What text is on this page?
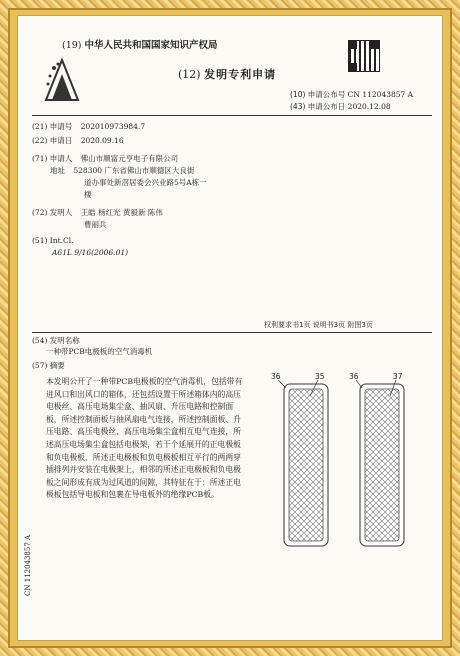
(19) 中华人民共和国国家知识产权局
(12) 发明专利申请
(10) 申请公布号 CN 112043857 A
(43) 申请公布日 2020.12.08
(21) 申请号 202010973984.7
(22) 申请日 2020.09.16
(71) 申请人 佛山市顺富元亨电子有限公司
地址 528300 广东省佛山市顺德区大良街
道办事处新滘居委会兴业路5号A栋一
楼
(72) 发明人 王皓 杨红光 黄毅新 陈伟
曹丽兵
(51) Int.Cl.
A61L 9/16(2006.01)
权利要求书1页 说明书3页 附图3页
(54) 发明名称
一种带PCB电极板的空气消毒机
(57) 摘要
本发明公开了一种带PCB电极板的空气消毒机，包括带有进风口和出风口的箱体，还包括设置于所述箱体内的高压电极丝、高压电场集尘盒、抽风扇、升压电路和控制面板，所述控制面板与抽风扇电气连接，所述控制面板、升压电路、高压电极丝、高压电场集尘盒相互电气连接，所述高压电场集尘盒包括电极架，若干个延展开的正电极板和负电极板，所述正电极板和负电极板相互平行的两两穿插排列并安装在电极架上，相邻的所述正电极板和负电极板之间形成有成为过风道的间隙，其特征在于：所述正电极板包括导电板和包裹在导电板外的绝缘PCB板。
36	35	36	37
CN 112043857 A
